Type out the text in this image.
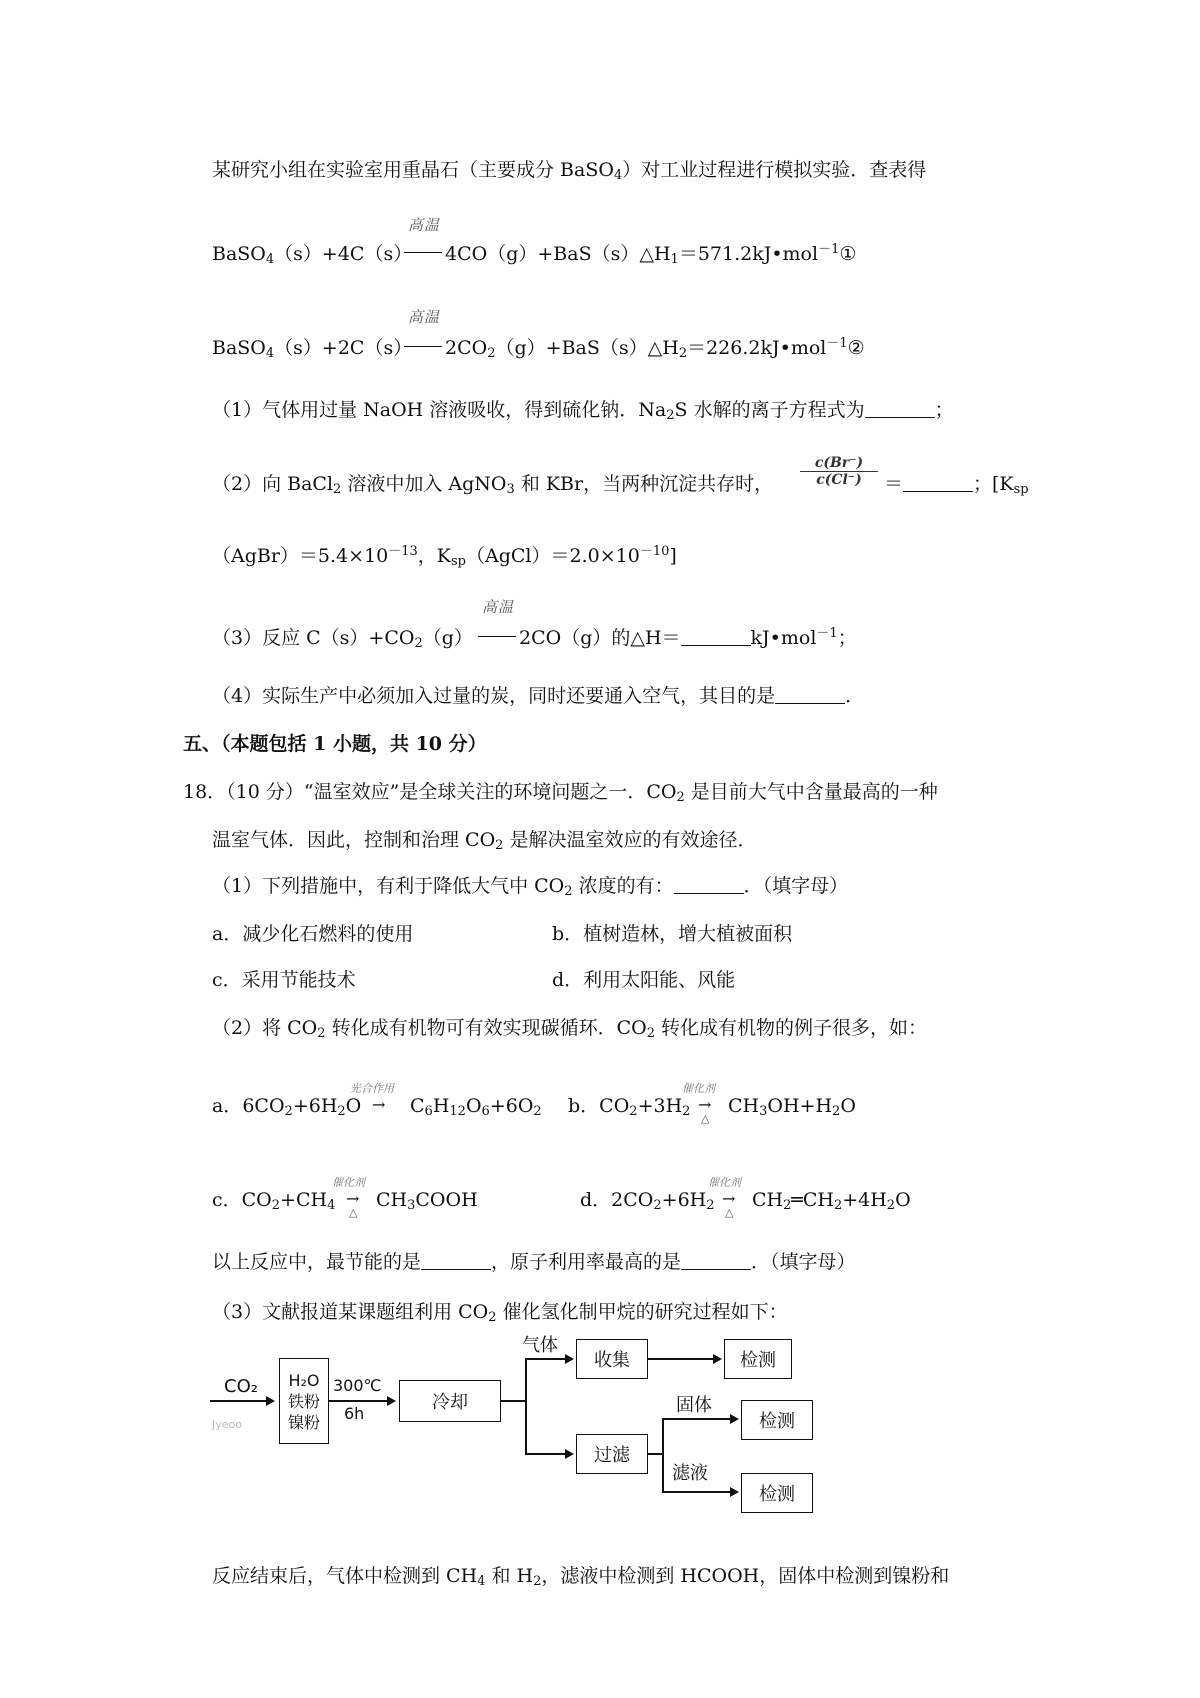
某研究小组在实验室用重晶石（主要成分 BaSO$_4$）对工业过程进行模拟实验．查表得
高温
BaSO$_4$（s）+4C（s） $4CO(g)+BaS(s)\triangle H_1=571.2kJ•mol^{-1}①$
高温
BaSO$_4$（s）+2C（s） $2CO_2(g)+BaS(s)\triangle H_2=226.2kJ•mol^{-1}②$
（1）气体用过量 NaOH 溶液吸收，得到硫化钠．$Na_2S$ 水解的离子方程式为	；
（2）向 BaCl$_2$ 溶液中加入 AgNO$_3$ 和 KBr，当两种沉淀共存时， $\frac{c(Br^-)}{c(Cl^-)}$ ＝	；[$K_{sp}$
$(AgBr)=5.4\times 10^{-13}$，$K_{sp}(AgCl)=2.0\times 10^{-10}$]
高温
（3）反应 $C(s)+CO_2(g)$ 2CO（g）的△H＝	kJ•mol$^{-1}$；
（4）实际生产中必须加入过量的炭，同时还要通入空气，其目的是	．
五、（本题包括 1 小题，共 10 分）
18．（10 分）“温室效应”是全球关注的环境问题之一．$CO_2$ 是目前大气中含量最高的一种
温室气体．因此，控制和治理 $CO_2$ 是解决温室效应的有效途径．
（1）下列措施中，有利于降低大气中 $CO_2$ 浓度的有：	．（填字母）
a．减少化石燃料的使用	b．植树造林，增大植被面积
c．采用节能技术	d．利用太阳能、风能
（2）将 $CO_2$ 转化成有机物可有效实现碳循环．$CO_2$ 转化成有机物的例子很多，如：
a．$6CO_2+6H_2O$
光合作用
→ $C_6H_{12}O_6+6O_2$ b．$CO_2+3H_2$
催化剂
→
△
$CH_3OH+H_2O$
c．$CO_2+CH_4$
催化剂
→
△
$CH_3COOH$	d．$2CO_2+6H_2$
催化剂
→
△
$CH_2═CH_2+4H_2O$
以上反应中，最节能的是	，原子利用率最高的是	．（填字母）
（3）文献报道某课题组利用 $CO_2$ 催化氢化制甲烷的研究过程如下：
CO₂ H₂O
铁粉
镍粉
Jyeoo
300℃
6h
冷却
气体
收集	检测
过滤
固体
滤液
检测
检测
反应结束后，气体中检测到 $CH_4$ 和 $H_2$，滤液中检测到 HCOOH，固体中检测到镍粉和
